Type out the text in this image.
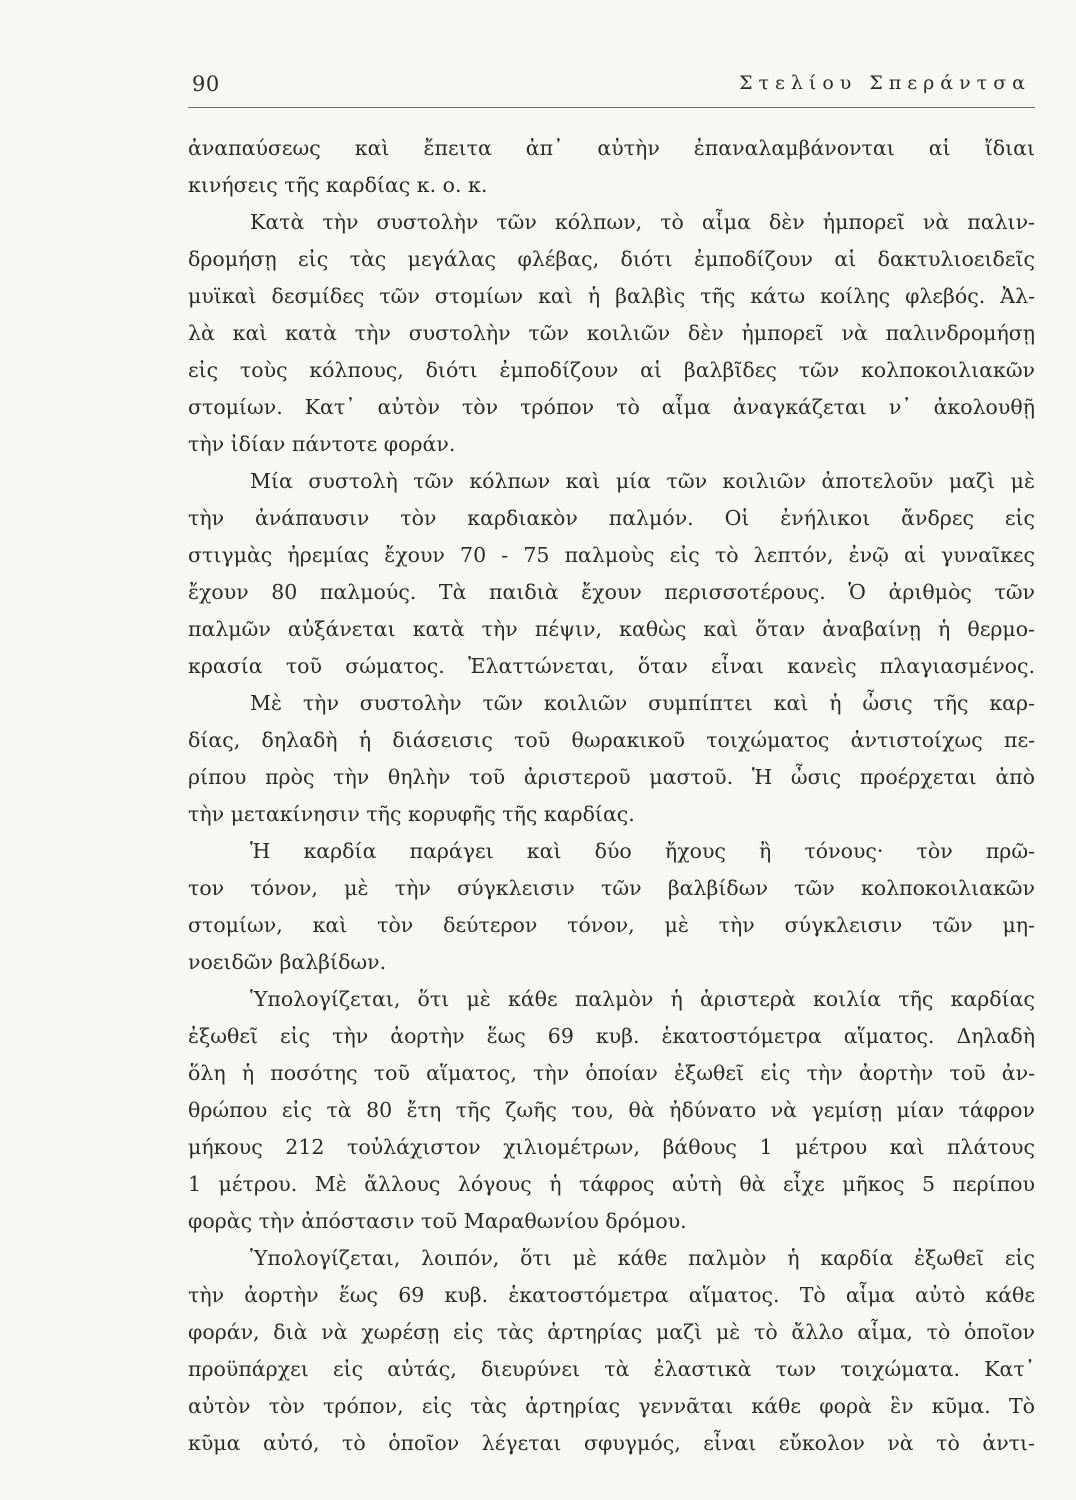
90	Στελίου Σπεράντσα
ἀναπαύσεως καὶ ἔπειτα ἀπ᾽ αὐτὴν ἐπαναλαμβάνονται αἱ ἴδιαι
κινήσεις τῆς καρδίας κ. ο. κ.
Κατὰ τὴν συστολὴν τῶν κόλπων, τὸ αἷμα δὲν ἠμπορεῖ νὰ παλιν-
δρομήσῃ εἰς τὰς μεγάλας φλέβας, διότι ἐμποδίζουν αἱ δακτυλιοειδεῖς
μυϊκαὶ δεσμίδες τῶν στομίων καὶ ἡ βαλβὶς τῆς κάτω κοίλης φλεβός. Ἀλ-
λὰ καὶ κατὰ τὴν συστολὴν τῶν κοιλιῶν δὲν ἠμπορεῖ νὰ παλινδρομήσῃ
εἰς τοὺς κόλπους, διότι ἐμποδίζουν αἱ βαλβῖδες τῶν κολποκοιλιακῶν
στομίων. Κατ᾽ αὐτὸν τὸν τρόπον τὸ αἷμα ἀναγκάζεται ν᾽ ἀκολουθῇ
τὴν ἰδίαν πάντοτε φοράν.
Μία συστολὴ τῶν κόλπων καὶ μία τῶν κοιλιῶν ἀποτελοῦν μαζὶ μὲ
τὴν ἀνάπαυσιν τὸν καρδιακὸν παλμόν. Οἱ ἐνήλικοι ἄνδρες εἰς
στιγμὰς ἠρεμίας ἔχουν 70 - 75 παλμοὺς εἰς τὸ λεπτόν, ἐνῷ αἱ γυναῖκες
ἔχουν 80 παλμούς. Τὰ παιδιὰ ἔχουν περισσοτέρους. Ὁ ἀριθμὸς τῶν
παλμῶν αὐξάνεται κατὰ τὴν πέψιν, καθὼς καὶ ὅταν ἀναβαίνῃ ἡ θερμο-
κρασία τοῦ σώματος. Ἐλαττώνεται, ὅταν εἶναι κανεὶς πλαγιασμένος.
Μὲ τὴν συστολὴν τῶν κοιλιῶν συμπίπτει καὶ ἡ ὦσις τῆς καρ-
δίας, δηλαδὴ ἡ διάσεισις τοῦ θωρακικοῦ τοιχώματος ἀντιστοίχως πε-
ρίπου πρὸς τὴν θηλὴν τοῦ ἀριστεροῦ μαστοῦ. Ἡ ὦσις προέρχεται ἀπὸ
τὴν μετακίνησιν τῆς κορυφῆς τῆς καρδίας.
Ἡ καρδία παράγει καὶ δύο ἤχους ἢ τόνους· τὸν πρῶ-
τον τόνον, μὲ τὴν σύγκλεισιν τῶν βαλβίδων τῶν κολποκοιλιακῶν
στομίων, καὶ τὸν δεύτερον τόνον, μὲ τὴν σύγκλεισιν τῶν μη-
νοειδῶν βαλβίδων.
Ὑπολογίζεται, ὅτι μὲ κάθε παλμὸν ἡ ἀριστερὰ κοιλία τῆς καρδίας
ἐξωθεῖ εἰς τὴν ἀορτὴν ἕως 69 κυβ. ἑκατοστόμετρα αἵματος. Δηλαδὴ
ὅλη ἡ ποσότης τοῦ αἵματος, τὴν ὁποίαν ἐξωθεῖ εἰς τὴν ἀορτὴν τοῦ ἀν-
θρώπου εἰς τὰ 80 ἔτη τῆς ζωῆς του, θὰ ἠδύνατο νὰ γεμίσῃ μίαν τάφρον
μήκους 212 τοὐλάχιστον χιλιομέτρων, βάθους 1 μέτρου καὶ πλάτους
1 μέτρου. Μὲ ἄλλους λόγους ἡ τάφρος αὐτὴ θὰ εἶχε μῆκος 5 περίπου
φορὰς τὴν ἀπόστασιν τοῦ Μαραθωνίου δρόμου.
Ὑπολογίζεται, λοιπόν, ὅτι μὲ κάθε παλμὸν ἡ καρδία ἐξωθεῖ εἰς
τὴν ἀορτὴν ἕως 69 κυβ. ἑκατοστόμετρα αἵματος. Τὸ αἷμα αὐτὸ κάθε
φοράν, διὰ νὰ χωρέσῃ εἰς τὰς ἀρτηρίας μαζὶ μὲ τὸ ἄλλο αἷμα, τὸ ὁποῖον
προϋπάρχει εἰς αὐτάς, διευρύνει τὰ ἐλαστικὰ των τοιχώματα. Κατ᾽
αὐτὸν τὸν τρόπον, εἰς τὰς ἀρτηρίας γεννᾶται κάθε φορὰ ἓν κῦμα. Τὸ
κῦμα αὐτό, τὸ ὁποῖον λέγεται σφυγμός, εἶναι εὔκολον νὰ τὸ ἀντι-
